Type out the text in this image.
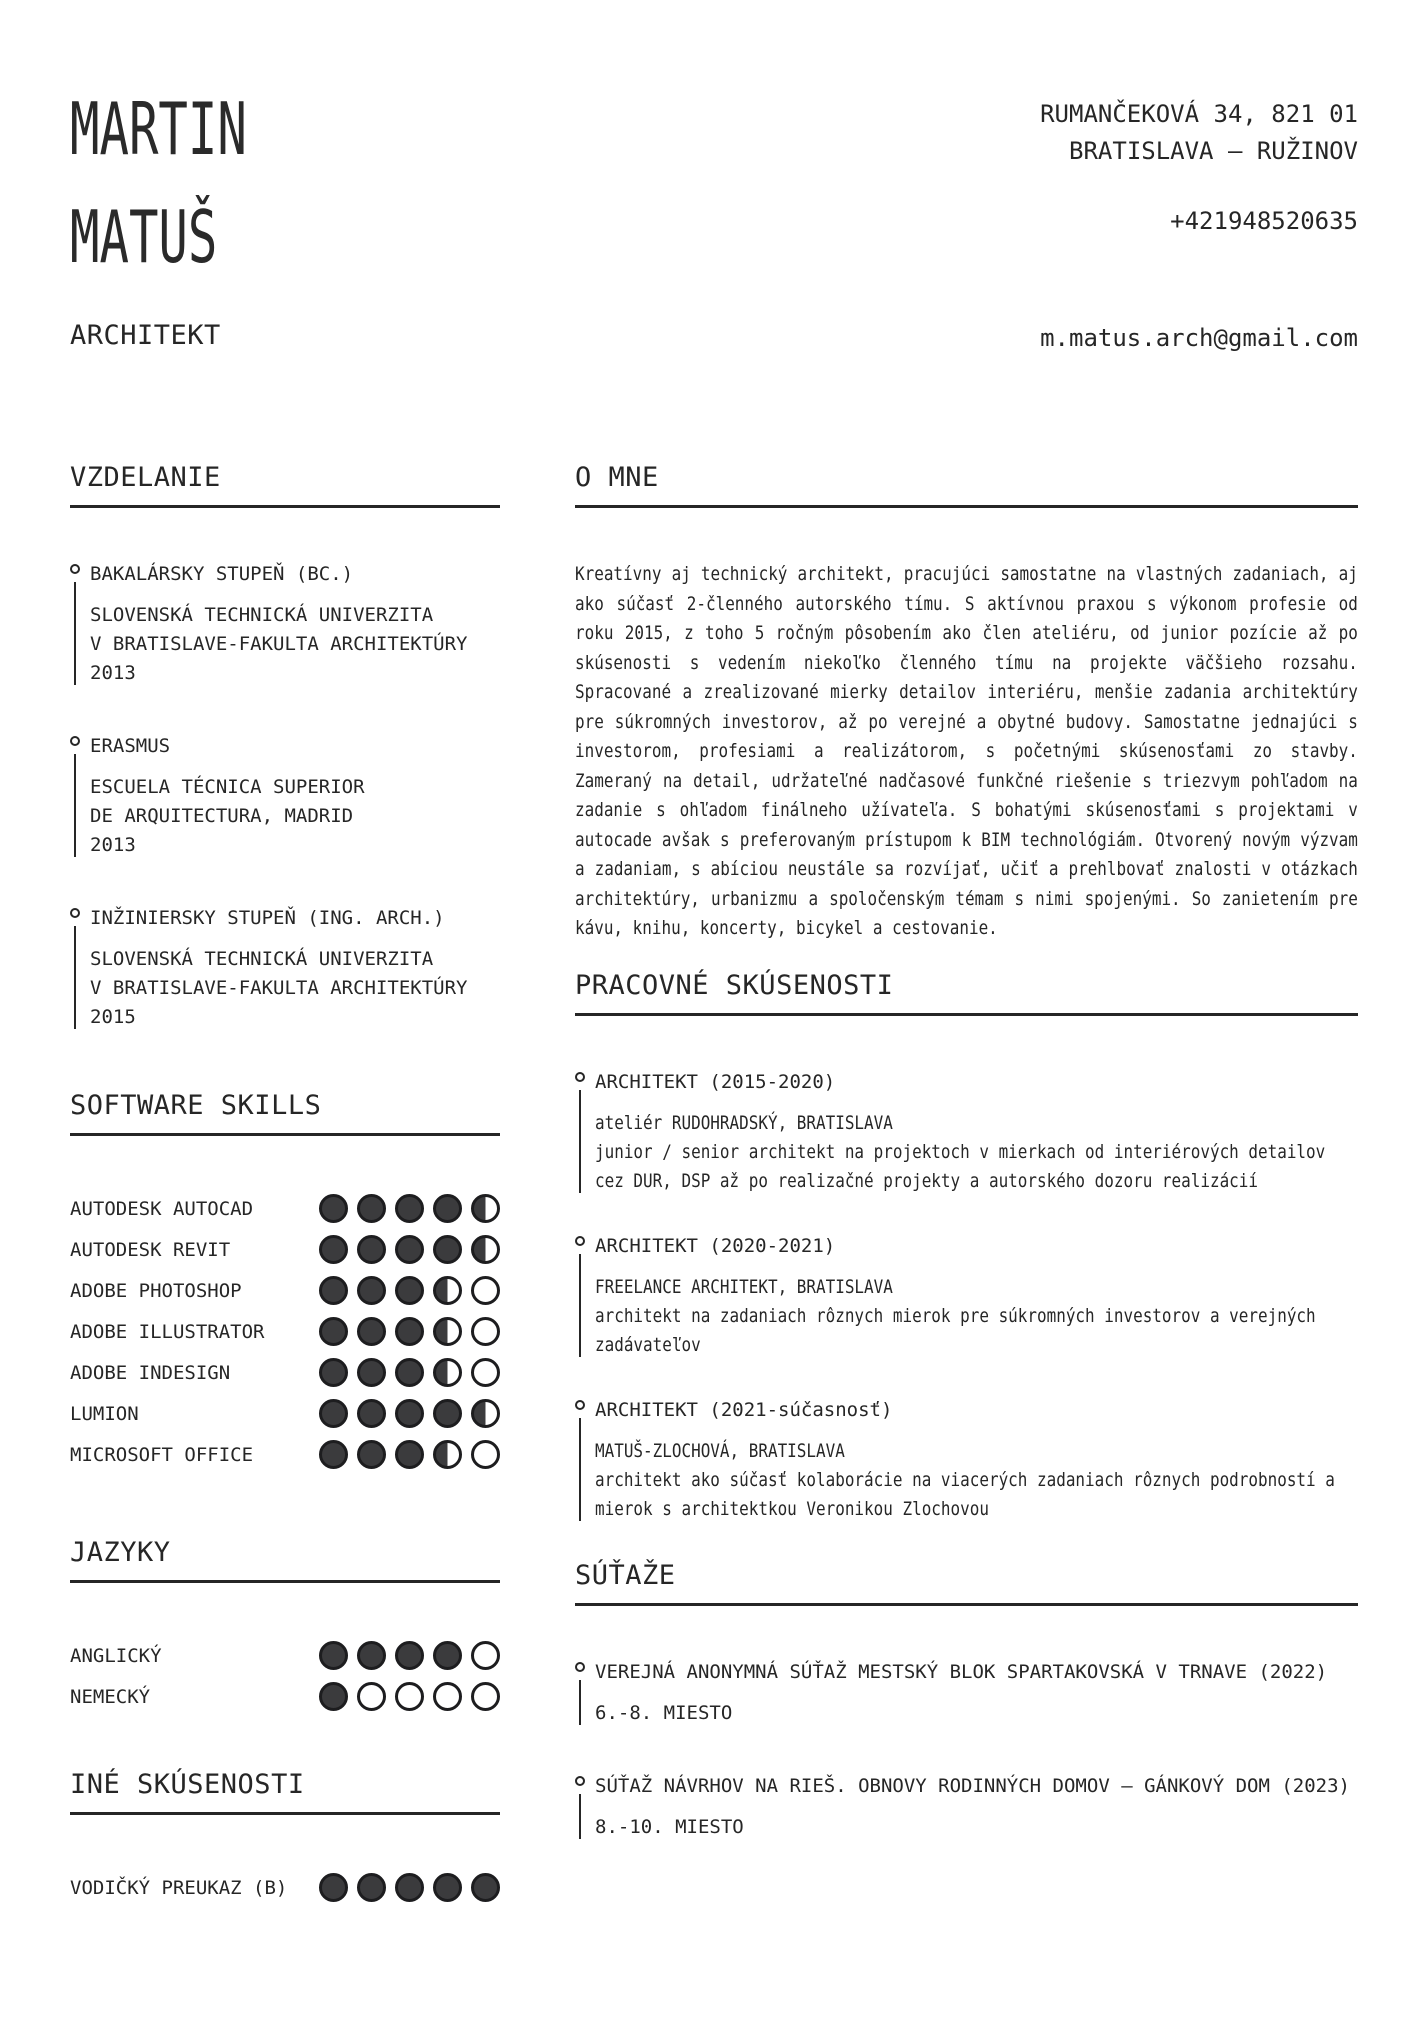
MARTIN
MATUŠ
ARCHITEKT
RUMANČEKOVÁ 34, 821 01
BRATISLAVA – RUŽINOV
+421948520635
m.matus.arch@gmail.com
VZDELANIE
BAKALÁRSKY STUPEŇ (BC.)
SLOVENSKÁ TECHNICKÁ UNIVERZITA
V BRATISLAVE-FAKULTA ARCHITEKTÚRY
2013
ERASMUS
ESCUELA TÉCNICA SUPERIOR
DE ARQUITECTURA, MADRID
2013
INŽINIERSKY STUPEŇ (ING. ARCH.)
SLOVENSKÁ TECHNICKÁ UNIVERZITA
V BRATISLAVE-FAKULTA ARCHITEKTÚRY
2015
SOFTWARE SKILLS
AUTODESK AUTOCAD
AUTODESK REVIT
ADOBE PHOTOSHOP
ADOBE ILLUSTRATOR
ADOBE INDESIGN
LUMION
MICROSOFT OFFICE
JAZYKY
ANGLICKÝ
NEMECKÝ
INÉ SKÚSENOSTI
VODIČKÝ PREUKAZ (B)
O MNE

Kreatívny aj technický architekt, pracujúci samostatne na vlastných zadaniach, aj ako súčasť 2-členného autorského tímu. S aktívnou praxou s výkonom profesie od roku 2015, z toho 5 ročným pôsobením ako člen ateliéru, od junior pozície až po skúsenosti s vedením niekoľko členného tímu na projekte väčšieho rozsahu. Spracované a zrealizované mierky detailov interiéru, menšie zadania architektúry pre súkromných investorov, až po verejné a obytné budovy. Samostatne jednajúci s investorom, profesiami a realizátorom, s početnými skúsenosťami zo stavby. Zameraný na detail, udržateľné nadčasové funkčné riešenie s triezvym pohľadom na zadanie s ohľadom finálneho užívateľa. S bohatými skúsenosťami s projektami v autocade avšak s preferovaným prístupom k BIM technológiám. Otvorený novým výzvam a zadaniam, s abíciou neustále sa rozvíjať, učiť a prehlbovať znalosti v otázkach architektúry, urbanizmu a spoločenským témam s nimi spojenými. So zanietením pre kávu, knihu, koncerty, bicykel a cestovanie.

PRACOVNÉ SKÚSENOSTI
ARCHITEKT (2015-2020)
ateliér RUDOHRADSKÝ, BRATISLAVA
junior / senior architekt na projektoch v mierkach od interiérových detailov cez DUR, DSP až po realizačné projekty a autorského dozoru realizácií
ARCHITEKT (2020-2021)
FREELANCE ARCHITEKT, BRATISLAVA
architekt na zadaniach rôznych mierok pre súkromných investorov a verejných zadávateľov
ARCHITEKT (2021-súčasnosť)
MATUŠ-ZLOCHOVÁ, BRATISLAVA
architekt ako súčasť kolaborácie na viacerých zadaniach rôznych podrobností a mierok s architektkou Veronikou Zlochovou
SÚŤAŽE
VEREJNÁ ANONYMNÁ SÚŤAŽ MESTSKÝ BLOK SPARTAKOVSKÁ V TRNAVE (2022)
6.-8. MIESTO
SÚŤAŽ NÁVRHOV NA RIEŠ. OBNOVY RODINNÝCH DOMOV – GÁNKOVÝ DOM (2023)
8.-10. MIESTO
